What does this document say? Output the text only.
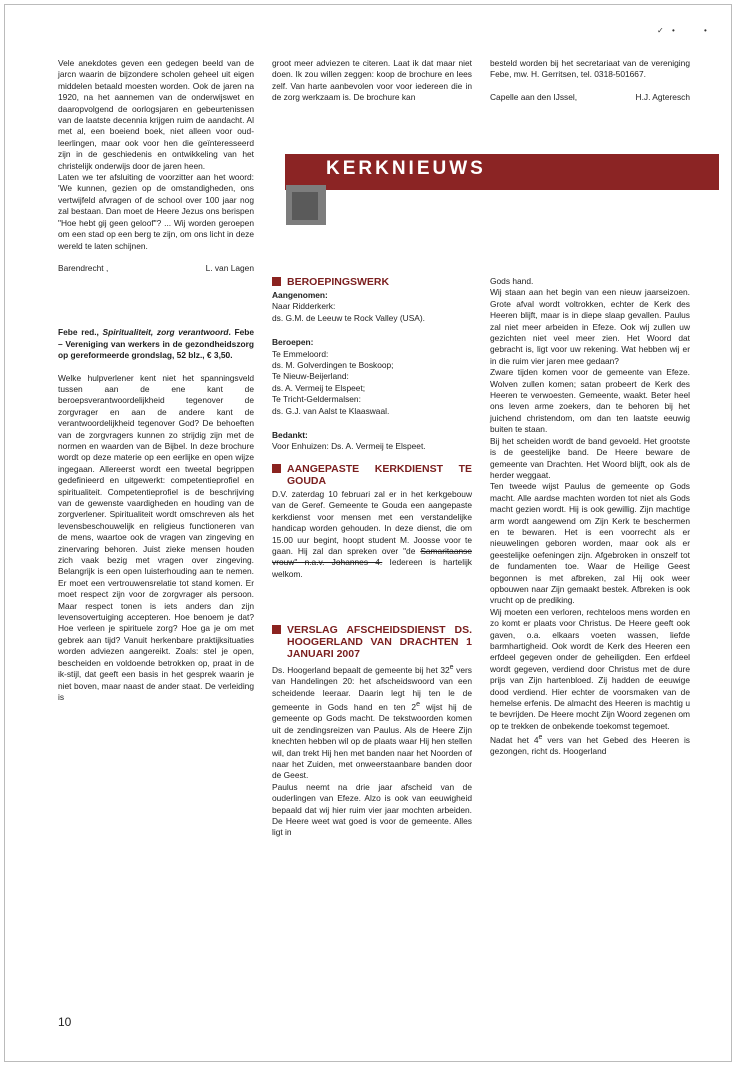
✓ •	•

Vele anekdotes geven een gedegen beeld van de jarcn waarin de bijzondere scholen geheel uit eigen middelen betaald moesten worden. Ook de jaren na 1920, na het aannemen van de onderwijswet en daaropvolgend de oorlogsjaren en gebeurtenissen van de laatste decennia krijgen ruim de aandacht. Al met al, een boeiend boek, niet alleen voor oud-leerlingen, maar ook voor hen die geïnteresseerd zijn in de geschiedenis en ontwikkeling van het christelijk onderwijs door de jaren heen.

Laten we ter afsluiting de voorzitter aan het woord: 'We kunnen, gezien op de omstandigheden, ons vertwijfeld afvragen of de school over 100 jaar nog zal bestaan. Dan moet de Heere Jezus ons berispen "Hoe hebt gij geen geloof"? ... Wij worden geroepen om een stad op een berg te zijn, om ons licht in deze wereld te laten schijnen.

Barendrecht ,	L. van Lagen

Febe red., Spiritualiteit, zorg verantwoord. Febe – Vereniging van werkers in de gezondheidszorg op gereformeerde grondslag, 52 blz., € 3,50.

Welke hulpverlener kent niet het spanningsveld tussen aan de ene kant de beroepsverantwoordelijkheid tegenover de zorgvrager en aan de andere kant de verantwoordelijkheid tegenover God? De behoeften van de zorgvragers kunnen zo strijdig zijn met de normen en waarden van de Bijbel. In deze brochure wordt op deze materie op een eerlijke en open wijze ingegaan. Allereerst wordt een tweetal begrippen gedefinieerd en uitgewerkt: competentieprofiel en spiritualiteit. Competentieprofiel is de beschrijving van de gewenste vaardigheden en houding van de zorgverlener. Spiritualiteit wordt omschreven als het levensbeschouwelijk en religieus functioneren van de mens, waartoe ook de vragen van zingeving en zinervaring behoren. Juist zieke mensen houden zich vaak bezig met vragen over zingeving. Belangrijk is een open luisterhouding aan te nemen. Er moet een vertrouwensrelatie tot stand komen. Er moet respect zijn voor de zorgvrager als persoon. Maar respect tonen is iets anders dan zijn levensovertuiging accepteren. Hoe benoem je dat? Hoe verleen je spirituele zorg? Hoe ga je om met gebrek aan tijd? Vanuit herkenbare praktijksituaties worden adviezen aangereikt. Zoals: stel je open, bescheiden en voldoende betrokken op, praat in de ik-stijl, dat geeft een basis in het gesprek waarin je niet boven, maar naast de ander staat. De verleiding is

groot meer adviezen te citeren. Laat ik dat maar niet doen. Ik zou willen zeggen: koop de brochure en lees zelf. Van harte aanbevolen voor voor iedereen die in de zorg werkzaam is. De brochure kan

besteld worden bij het secretariaat van de vereniging Febe, mw. H. Gerritsen, tel. 0318-501667.

Capelle aan den IJssel,	H.J. Agteresch
KERKNIEUWS
BEROEPINGSWERK
Aangenomen:
Naar Ridderkerk:
ds. G.M. de Leeuw te Rock Valley (USA).
Beroepen:
Te Emmeloord:
ds. M. Golverdingen te Boskoop;
Te Nieuw-Beijerland:
ds. A. Vermeij te Elspeet;
Te Tricht-Geldermalsen:
ds. G.J. van Aalst te Klaaswaal.
Bedankt:
Voor Enhuizen: Ds. A. Vermeij te Elspeet.
AANGEPASTE KERKDIENST TE GOUDA

D.V. zaterdag 10 februari zal er in het kerkgebouw van de Geref. Gemeente te Gouda een aangepaste kerkdienst voor mensen met een verstandelijke handicap worden gehouden. In deze dienst, die om 15.00 uur begint, hoopt student M. Joosse voor te gaan. Hij zal dan spreken over "de Samaritaanse vrouw" n.a.v. Johannes 4. Iedereen is hartelijk welkom.

VERSLAG AFSCHEIDSDIENST DS. HOOGERLAND VAN DRACHTEN 1 JANUARI 2007

Ds. Hoogerland bepaalt de gemeente bij het 32e vers van Handelingen 20: het afscheidswoord van een scheidende leeraar. Daarin legt hij ten le de gemeente in Gods hand en ten 2e wijst hij de gemeente op Gods macht. De tekstwoorden komen uit de zendingsreizen van Paulus. Als de Heere Zijn knechten hebben wil op de plaats waar Hij hen stellen wil, dan trekt Hij hen met banden naar het Noorden of naar het Zuiden, met onweerstaanbare banden door de Geest.

Paulus neemt na drie jaar afscheid van de ouderlingen van Efeze. Alzo is ook van eeuwigheid bepaald dat wij hier ruim vier jaar mochten arbeiden. De Heere weet wat goed is voor de gemeente. Alles ligt in

Gods hand.

Wij staan aan het begin van een nieuw jaarseizoen. Grote afval wordt voltrokken, echter de Kerk des Heeren blijft, maar is in diepe slaap gevallen. Paulus zal niet meer arbeiden in Efeze. Ook wij zullen uw gezichten niet veel meer zien. Het Woord dat gebracht is, ligt voor uw rekening. Wat hebben wij er in die ruim vier jaren mee gedaan?

Zware tijden komen voor de gemeente van Efeze. Wolven zullen komen; satan probeert de Kerk des Heeren te verwoesten. Gemeente, waakt. Beter heel ons leven arme zoekers, dan te behoren bij het juichend christendom, om dan ten laatste eeuwig buiten te staan.

Bij het scheiden wordt de band gevoeld. Het grootste is de geestelijke band. De Heere beware de gemeente van Drachten. Het Woord blijft, ook als de herder weggaat.

Ten tweede wijst Paulus de gemeente op Gods macht. Alle aardse machten worden tot niet als Gods macht gezien wordt. Hij is ook gewillig. Zijn machtige arm wordt aangewend om Zijn Kerk te beschermen en te bewaren. Het is een voorrecht als er nieuwelingen geboren worden, maar ook als er geestelijke oefeningen zijn. Afgebroken in onszelf tot de fundamenten toe. Waar de Heilige Geest begonnen is met afbreken, zal Hij ook weer opbouwen naar Zijn gemaakt bestek. Afbreken is ook vrucht op de prediking.

Wij moeten een verloren, rechteloos mens worden en zo komt er plaats voor Christus. De Heere geeft ook gaven, o.a. elkaars voeten wassen, liefde barmhartigheid. Ook wordt de Kerk des Heeren een erfdeel gegeven onder de geheiligden. Een erfdeel wordt gegeven, verdiend door Christus met de dure prijs van Zijn hartenbloed. Zij hadden de eeuwige dood verdiend. Hier echter de voorsmaken van de hemelse erfenis. De almacht des Heeren is machtig u te bevrijden. De Heere mocht Zijn Woord zegenen om op te trekken de onbekende toekomst tegemoet.

Nadat het 4e vers van het Gebed des Heeren is gezongen, richt ds. Hoogerland

10
